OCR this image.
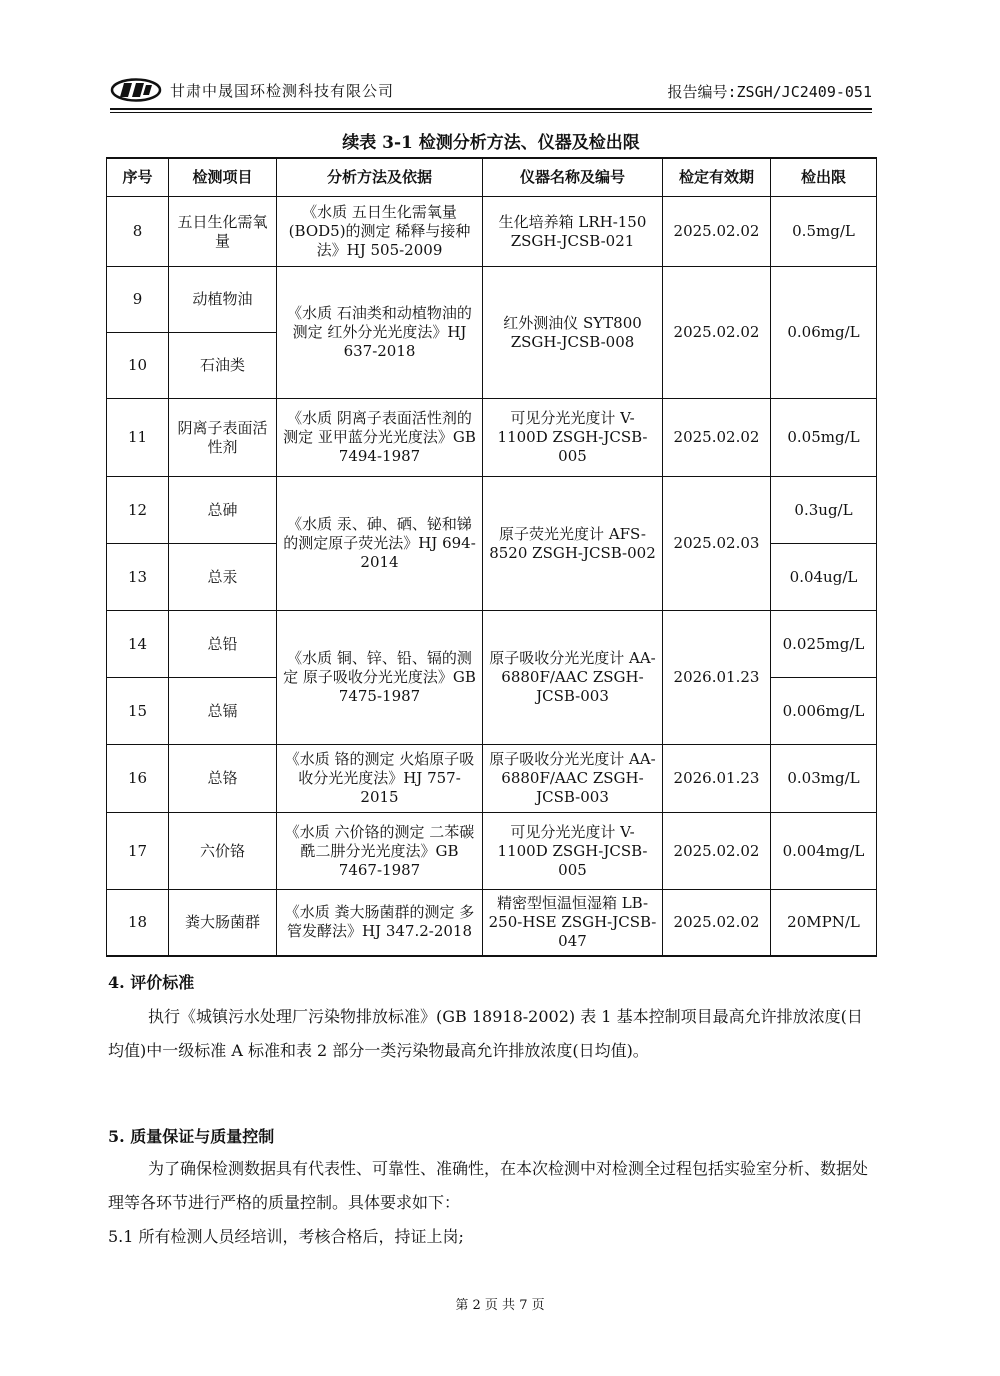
甘肃中晟国环检测科技有限公司	报告编号:ZSGH/JC2409-051
续表 3-1 检测分析方法、仪器及检出限
序号	检测项目	分析方法及依据	仪器名称及编号	检定有效期	检出限
8	五日生化需氧量	《水质 五日生化需氧量(BOD5)的测定 稀释与接种法》HJ 505-2009	生化培养箱 LRH-150 ZSGH-JCSB-021	2025.02.02	0.5mg/L
9	动植物油	《水质 石油类和动植物油的测定 红外分光光度法》HJ 637-2018	红外测油仪 SYT800 ZSGH-JCSB-008	2025.02.02	0.06mg/L
10	石油类				
11	阴离子表面活性剂	《水质 阴离子表面活性剂的测定 亚甲蓝分光光度法》GB 7494-1987	可见分光光度计 V-1100D ZSGH-JCSB-005	2025.02.02	0.05mg/L
12	总砷	《水质 汞、砷、硒、铋和锑的测定原子荧光法》HJ 694-2014	原子荧光光度计 AFS-8520 ZSGH-JCSB-002	2025.02.03	0.3ug/L
13	总汞				0.04ug/L
14	总铅	《水质 铜、锌、铅、镉的测定 原子吸收分光光度法》GB 7475-1987	原子吸收分光光度计 AA-6880F/AAC ZSGH-JCSB-003	2026.01.23	0.025mg/L
15	总镉				0.006mg/L
16	总铬	《水质 铬的测定 火焰原子吸收分光光度法》HJ 757-2015	原子吸收分光光度计 AA-6880F/AAC ZSGH-JCSB-003	2026.01.23	0.03mg/L
17	六价铬	《水质 六价铬的测定 二苯碳酰二肼分光光度法》GB 7467-1987	可见分光光度计 V-1100D ZSGH-JCSB-005	2025.02.02	0.004mg/L
18	粪大肠菌群	《水质 粪大肠菌群的测定 多管发酵法》HJ 347.2-2018	精密型恒温恒湿箱 LB-250-HSE ZSGH-JCSB-047	2025.02.02	20MPN/L
4. 评价标准
执行《城镇污水处理厂污染物排放标准》(GB 18918-2002) 表 1 基本控制项目最高允许排放浓度(日均值)中一级标准 A 标准和表 2 部分一类污染物最高允许排放浓度(日均值)。
5. 质量保证与质量控制
为了确保检测数据具有代表性、可靠性、准确性，在本次检测中对检测全过程包括实验室分析、数据处理等各环节进行严格的质量控制。具体要求如下：
5.1 所有检测人员经培训，考核合格后，持证上岗;
第 2 页 共 7 页
